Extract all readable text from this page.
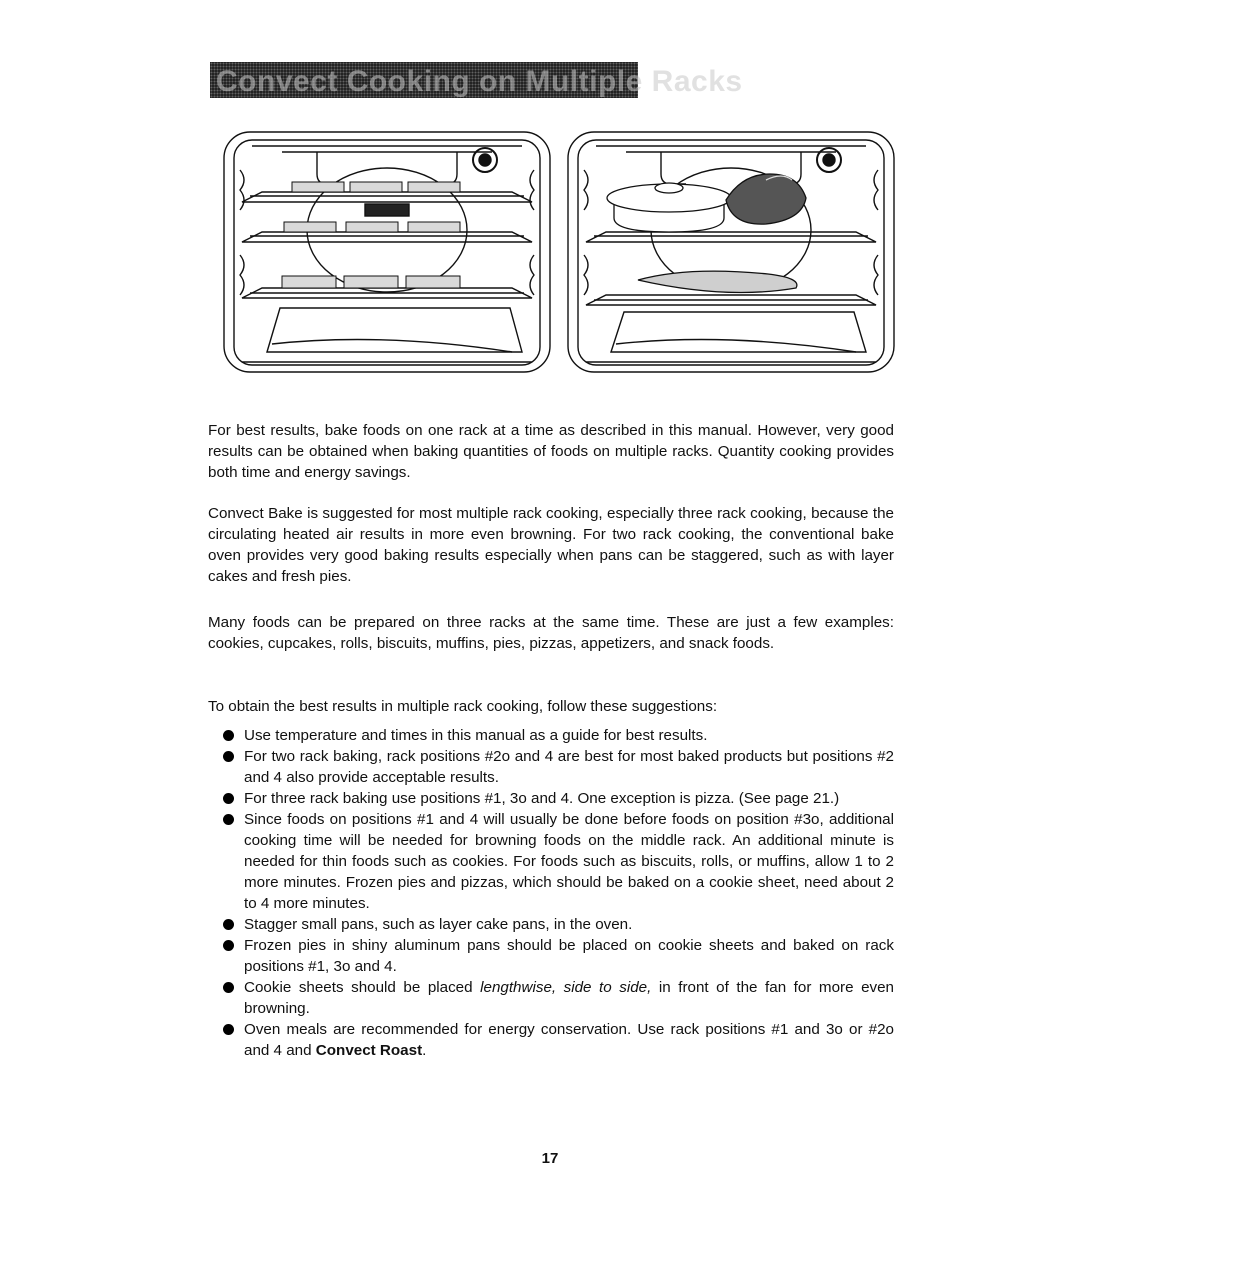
Convect Cooking on Multiple Racks

For best results, bake foods on one rack at a time as described in this manual. However, very good results can be obtained when baking quantities of foods on multiple racks. Quantity cooking provides both time and energy savings.

Convect Bake is suggested for most multiple rack cooking, especially three rack cooking, because the circulating heated air results in more even browning. For two rack cooking, the conventional bake oven provides very good baking results especially when pans can be staggered, such as with layer cakes and fresh pies.

Many foods can be prepared on three racks at the same time. These are just a few examples: cookies, cupcakes, rolls, biscuits, muffins, pies, pizzas, appetizers, and snack foods.

To obtain the best results in multiple rack cooking, follow these suggestions:

Use temperature and times in this manual as a guide for best results.
For two rack baking, rack positions #2o and 4 are best for most baked products but positions #2 and 4 also provide acceptable results.
For three rack baking use positions #1, 3o and 4. One exception is pizza. (See page 21.)
Since foods on positions #1 and 4 will usually be done before foods on position #3o, additional cooking time will be needed for browning foods on the middle rack. An additional minute is needed for thin foods such as cookies. For foods such as biscuits, rolls, or muffins, allow 1 to 2 more minutes. Frozen pies and pizzas, which should be baked on a cookie sheet, need about 2 to 4 more minutes.
Stagger small pans, such as layer cake pans, in the oven.
Frozen pies in shiny aluminum pans should be placed on cookie sheets and baked on rack positions #1, 3o and 4.
Cookie sheets should be placed lengthwise, side to side, in front of the fan for more even browning.
Oven meals are recommended for energy conservation. Use rack positions #1 and 3o or #2o and 4 and Convect Roast.
17
